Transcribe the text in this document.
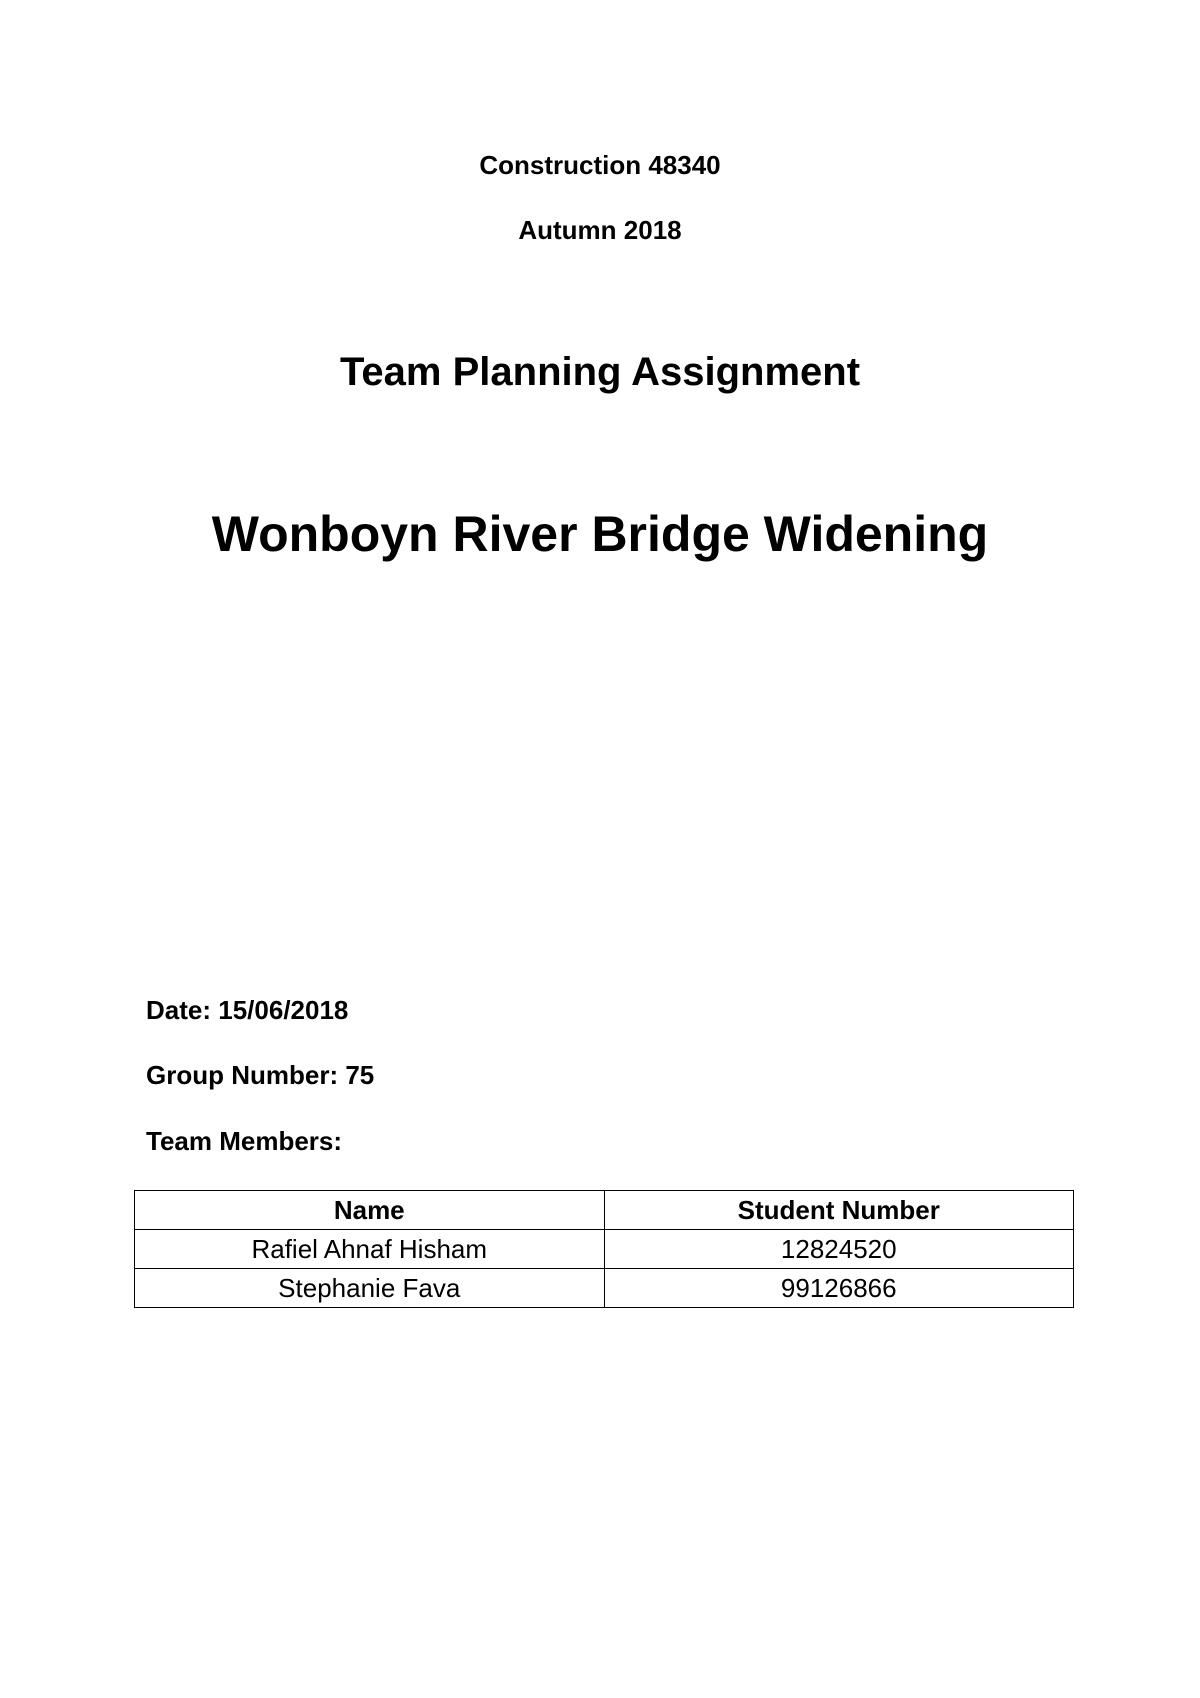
Construction 48340
Autumn 2018
Team Planning Assignment
Wonboyn River Bridge Widening
Date: 15/06/2018
Group Number: 75
Team Members:
Name	Student Number
Rafiel Ahnaf Hisham	12824520
Stephanie Fava	99126866
